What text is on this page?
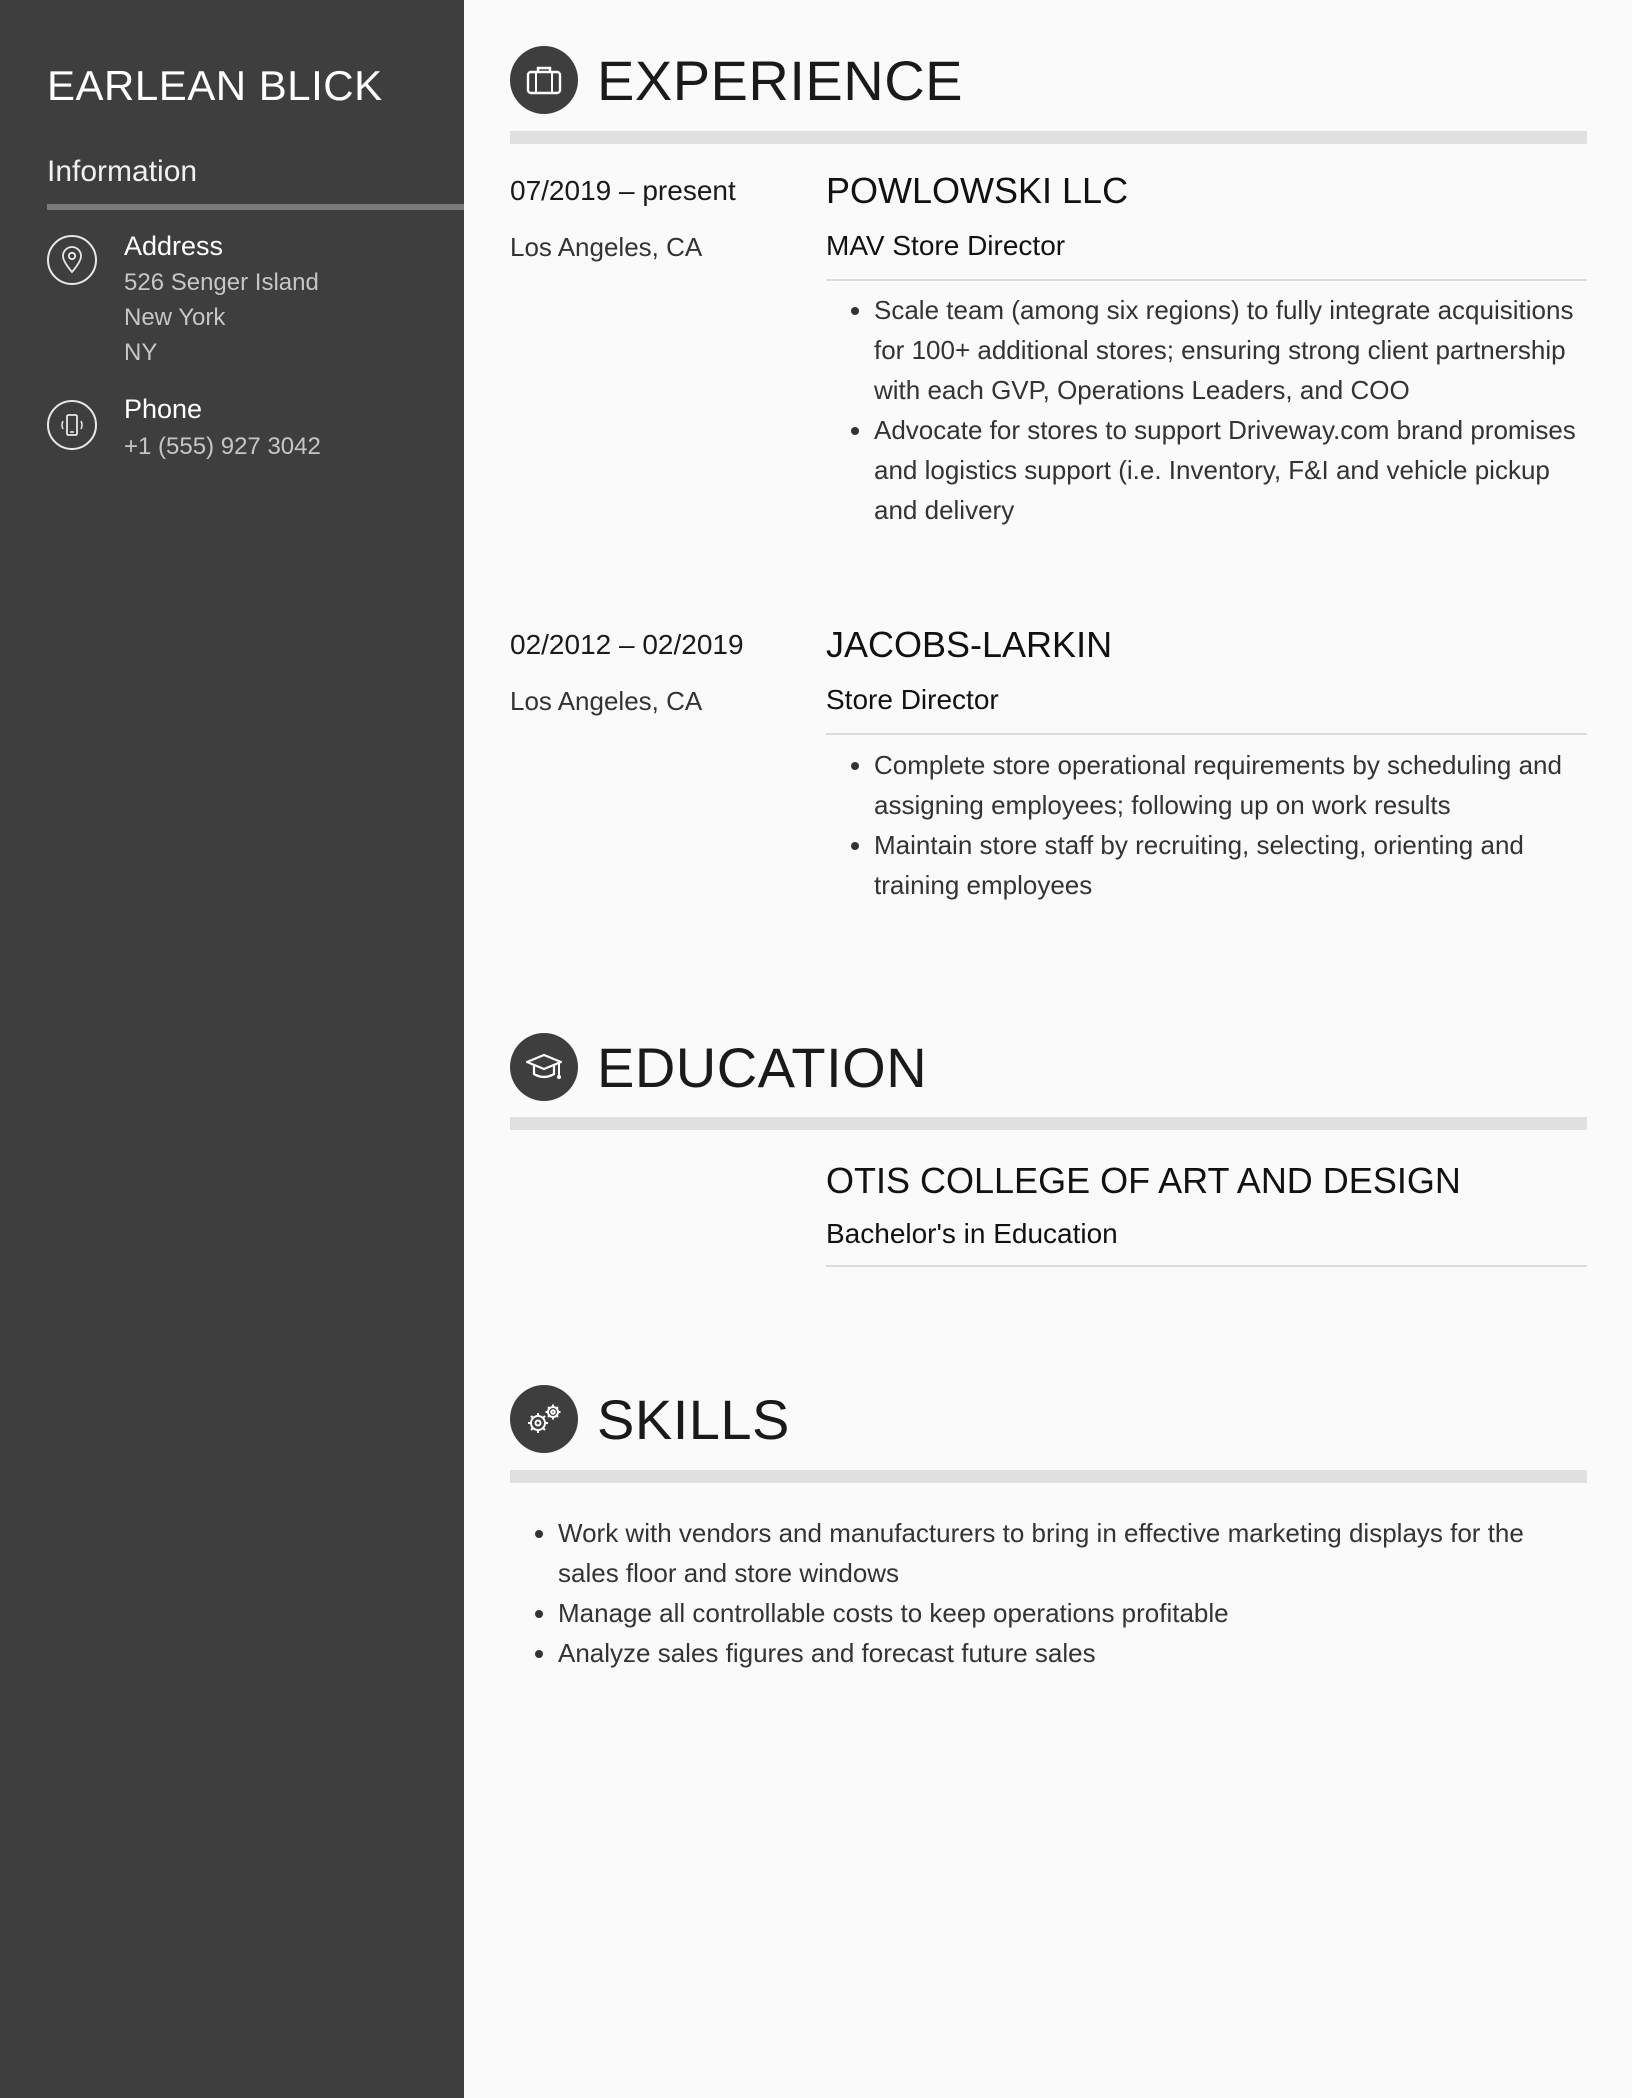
EARLEAN BLICK
Information
Address
526 Senger Island
New York
NY
Phone
+1 (555) 927 3042
EXPERIENCE
07/2019 – present
Los Angeles, CA
POWLOWSKI LLC
MAV Store Director
Scale team (among six regions) to fully integrate acquisitions for 100+ additional stores; ensuring strong client partnership with each GVP, Operations Leaders, and COO
Advocate for stores to support Driveway.com brand promises and logistics support (i.e. Inventory, F&I and vehicle pickup and delivery
02/2012 – 02/2019
Los Angeles, CA
JACOBS-LARKIN
Store Director
Complete store operational requirements by scheduling and assigning employees; following up on work results
Maintain store staff by recruiting, selecting, orienting and training employees
EDUCATION
OTIS COLLEGE OF ART AND DESIGN
Bachelor's in Education
SKILLS
Work with vendors and manufacturers to bring in effective marketing displays for the sales floor and store windows
Manage all controllable costs to keep operations profitable
Analyze sales figures and forecast future sales
